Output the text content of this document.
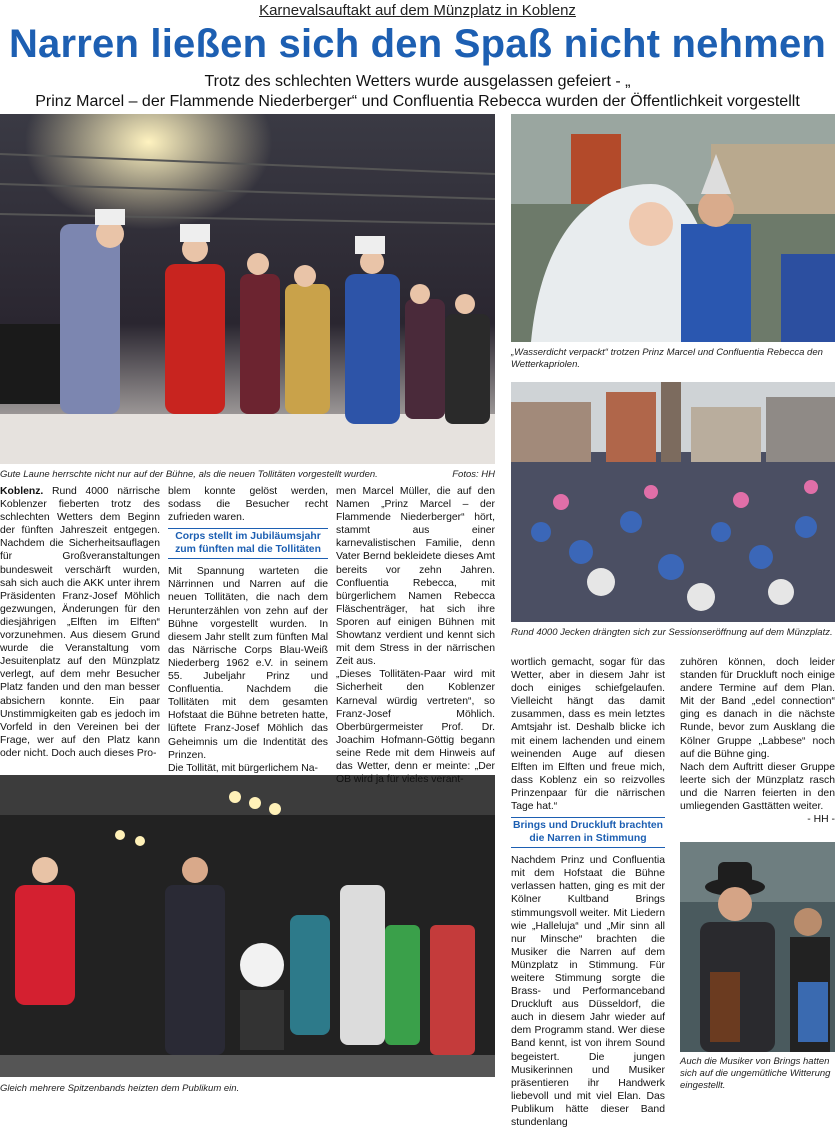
Karnevalsauftakt auf dem Münzplatz in Koblenz
Narren ließen sich den Spaß nicht nehmen
Trotz des schlechten Wetters wurde ausgelassen gefeiert - „
Prinz Marcel – der Flammende Niederberger“ und Confluentia Rebecca wurden der Öffentlichkeit vorgestellt
Gute Laune herrschte nicht nur auf der Bühne, als die neuen Tollitäten vorgestellt wurden.	Fotos: HH
„Wasserdicht verpackt“ trotzen Prinz Marcel und Confluentia Rebecca den Wetterkapriolen.
Rund 4000 Jecken drängten sich zur Sessionseröffnung auf dem Münzplatz.
Gleich mehrere Spitzenbands heizten dem Publikum ein.
Auch die Musiker von Brings hatten sich auf die ungemütliche Witterung eingestellt.

Koblenz. Rund 4000 närrische Koblenzer fieberten trotz des schlechten Wetters dem Beginn der fünften Jahreszeit entgegen. Nachdem die Sicherheitsauflagen für Großveranstaltungen bundesweit verschärft wurden, sah sich auch die AKK unter ihrem Präsidenten Franz-Josef Möhlich gezwungen, Änderungen für den diesjährigen „Elften im Elften“ vorzunehmen. Aus diesem Grund wurde die Veranstaltung vom Jesuitenplatz auf den Münzplatz verlegt, auf dem mehr Besucher Platz fanden und den man besser absichern konnte. Ein paar Unstimmigkeiten gab es jedoch im Vorfeld in den Vereinen bei der Frage, wer auf den Platz kann oder nicht. Doch auch dieses Pro-

blem konnte gelöst werden, sodass die Besucher recht zufrieden waren.

Corps stellt im Jubiläumsjahr zum fünften mal die Tollitäten

Mit Spannung warteten die Närrinnen und Narren auf die neuen Tollitäten, die nach dem Herunterzählen von zehn auf der Bühne vorgestellt wurden. In diesem Jahr stellt zum fünften Mal das Närrische Corps Blau-Weiß Niederberg 1962 e.V. in seinem 55. Jubeljahr Prinz und Confluentia. Nachdem die Tollitäten mit dem gesamten Hofstaat die Bühne betreten hatte, lüftete Franz-Josef Möhlich das Geheimnis um die Indentität des Prinzen.

Die Tollität, mit bürgerlichem Na-

men Marcel Müller, die auf den Namen „Prinz Marcel – der Flammende Niederberger“ hört, stammt aus einer karnevalistischen Familie, denn Vater Bernd bekleidete dieses Amt bereits vor zehn Jahren. Confluentia Rebecca, mit bürgerlichem Namen Rebecca Fläschenträger, hat sich ihre Sporen auf einigen Bühnen mit Showtanz verdient und kennt sich mit dem Stress in der närrischen Zeit aus.

„Dieses Tollitäten-Paar wird mit Sicherheit den Koblenzer Karneval würdig vertreten“, so Franz-Josef Möhlich. Oberbürgermeister Prof. Dr. Joachim Hofmann-Göttig begann seine Rede mit dem Hinweis auf das Wetter, denn er meinte: „Der OB wird ja für vieles verant-

wortlich gemacht, sogar für das Wetter, aber in diesem Jahr ist doch einiges schiefgelaufen. Vielleicht hängt das damit zusammen, dass es mein letztes Amtsjahr ist. Deshalb blicke ich mit einem lachenden und einem weinenden Auge auf diesen Elften im Elften und freue mich, dass Koblenz ein so reizvolles Prinzenpaar für die närrischen Tage hat.“

Brings und Druckluft brachten die Narren in Stimmung

Nachdem Prinz und Confluentia mit dem Hofstaat die Bühne verlassen hatten, ging es mit der Kölner Kultband Brings stimmungsvoll weiter. Mit Liedern wie „Halleluja“ und „Mir sinn all nur Minsche“ brachten die Musiker die Narren auf dem Münzplatz in Stimmung. Für weitere Stimmung sorgte die Brass- und Performanceband Druckluft aus Düsseldorf, die auch in diesem Jahr wieder auf dem Programm stand. Wer diese Band kennt, ist von ihrem Sound begeistert. Die jungen Musikerinnen und Musiker präsentieren ihr Handwerk liebevoll und mit viel Elan. Das Publikum hätte dieser Band stundenlang

zuhören können, doch leider standen für Druckluft noch einige andere Termine auf dem Plan. Mit der Band „edel connection“ ging es danach in die nächste Runde, bevor zum Ausklang die Kölner Gruppe „Labbese“ noch auf die Bühne ging.

Nach dem Auftritt dieser Gruppe leerte sich der Münzplatz rasch und die Narren feierten in den umliegenden Gasttätten weiter.

- HH -
